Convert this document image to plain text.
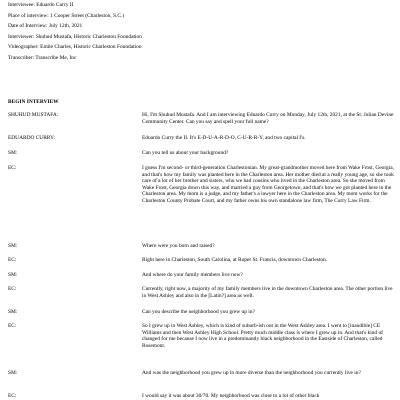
Interviewee: Eduardo Curry II
Place of interview: 1 Cooper Street (Charleston, S.C.)
Date of Interview: July 12th, 2021
Interviewer: Shuhud Mustafa, Historic Charleston Foundation
Videographer: Emile Charles, Historic Charleston Foundation
Transcriber: Transcribe Me, Inc
BEGIN INTERVIEW
SHUHUD MUSTAFA:	Hi, I'm Shuhud Mustafa. And I am interviewing Eduardo Curry on Monday, July 12th, 2021, at the St. Julian Devine Community Center. Can you say and spell your full name?
EDUARDO CURRY:	Eduardo Curry the II. It's E-D-U-A-R-D-O, C-U-R-R-Y, and two capital I's.
SM:	Can you tell us about your background?
EC:	I guess I'm second- or third-generation Charlestonian. My great-grandmother moved here from Wake Frost, Georgia, and that's how my family was planted here in the Charleston area. Her mother died at a really young age, so she took care of a lot of her brother and sisters, who we had cousins who lived in the Charleston area. So she moved from Wake Frost, Georgia down this way, and married a guy from Georgetown, and that's how we got planted here in the Charleston area. My mom is a judge, and my father's a lawyer here in the Charleston area. My mom works for the Charleston County Probate Court, and my father owns his own standalone law firm, The Curry Law Firm.
SM:	Where were you born and raised?
EC:	Right here in Charleston, South Carolina, at Roper St. Francis, downtown Charleston.
SM:	And where do your family members live now?
EC:	Currently, right now, a majority of my family members live in the downtown Charleston area. The other portion live in West Ashley and also in the [Latin?] area as well.
SM:	Can you describe the neighborhood you grew up in?
EC:	So I grew up in West Ashley, which is kind of suburb-ish out in the West Ashley area. I went to [inaudible] CE Williams and then West Ashley High School. Pretty much middle class is where I grew up in. And that's kind of changed for me because I now live in a predominantly black neighborhood in the Eastside of Charleston, called Rosemont.
SM:	And was the neighborhood you grew up in more diverse than the neighborhood you currently live in?
EC:	I would say it was about 30/70. My neighborhood was close to a lot of other black
